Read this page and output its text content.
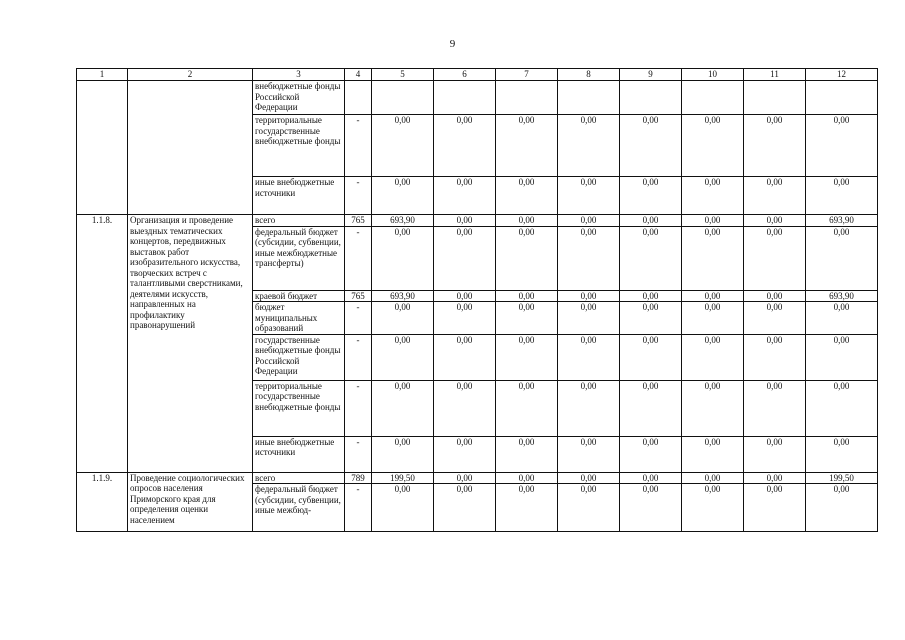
9
1	2	3	4	5	6	7	8	9	10	11	12
		внебюджетные фонды Российской Федерации									
		территориальные государственные внебюджетные фонды	-	0,00	0,00	0,00	0,00	0,00	0,00	0,00	0,00
		иные внебюджетные источники	-	0,00	0,00	0,00	0,00	0,00	0,00	0,00	0,00
1.1.8.	Организация и проведение выездных тематических концертов, передвижных выставок работ изобразительного искусства, творческих встреч с талантливыми сверстниками, деятелями искусств, направленных на профилактику правонарушений	всего	765	693,90	0,00	0,00	0,00	0,00	0,00	0,00	693,90
		федеральный бюджет (субсидии, субвенции, иные межбюджетные трансферты)	-	0,00	0,00	0,00	0,00	0,00	0,00	0,00	0,00
		краевой бюджет	765	693,90	0,00	0,00	0,00	0,00	0,00	0,00	693,90
		бюджет муниципальных образований	-	0,00	0,00	0,00	0,00	0,00	0,00	0,00	0,00
		государственные внебюджетные фонды Российской Федерации	-	0,00	0,00	0,00	0,00	0,00	0,00	0,00	0,00
		территориальные государственные внебюджетные фонды	-	0,00	0,00	0,00	0,00	0,00	0,00	0,00	0,00
		иные внебюджетные источники	-	0,00	0,00	0,00	0,00	0,00	0,00	0,00	0,00
1.1.9.	Проведение социологических опросов населения Приморского края для определения оценки населением	всего	789	199,50	0,00	0,00	0,00	0,00	0,00	0,00	199,50
		федеральный бюджет (субсидии, субвенции, иные межбюд-	-	0,00	0,00	0,00	0,00	0,00	0,00	0,00	0,00
